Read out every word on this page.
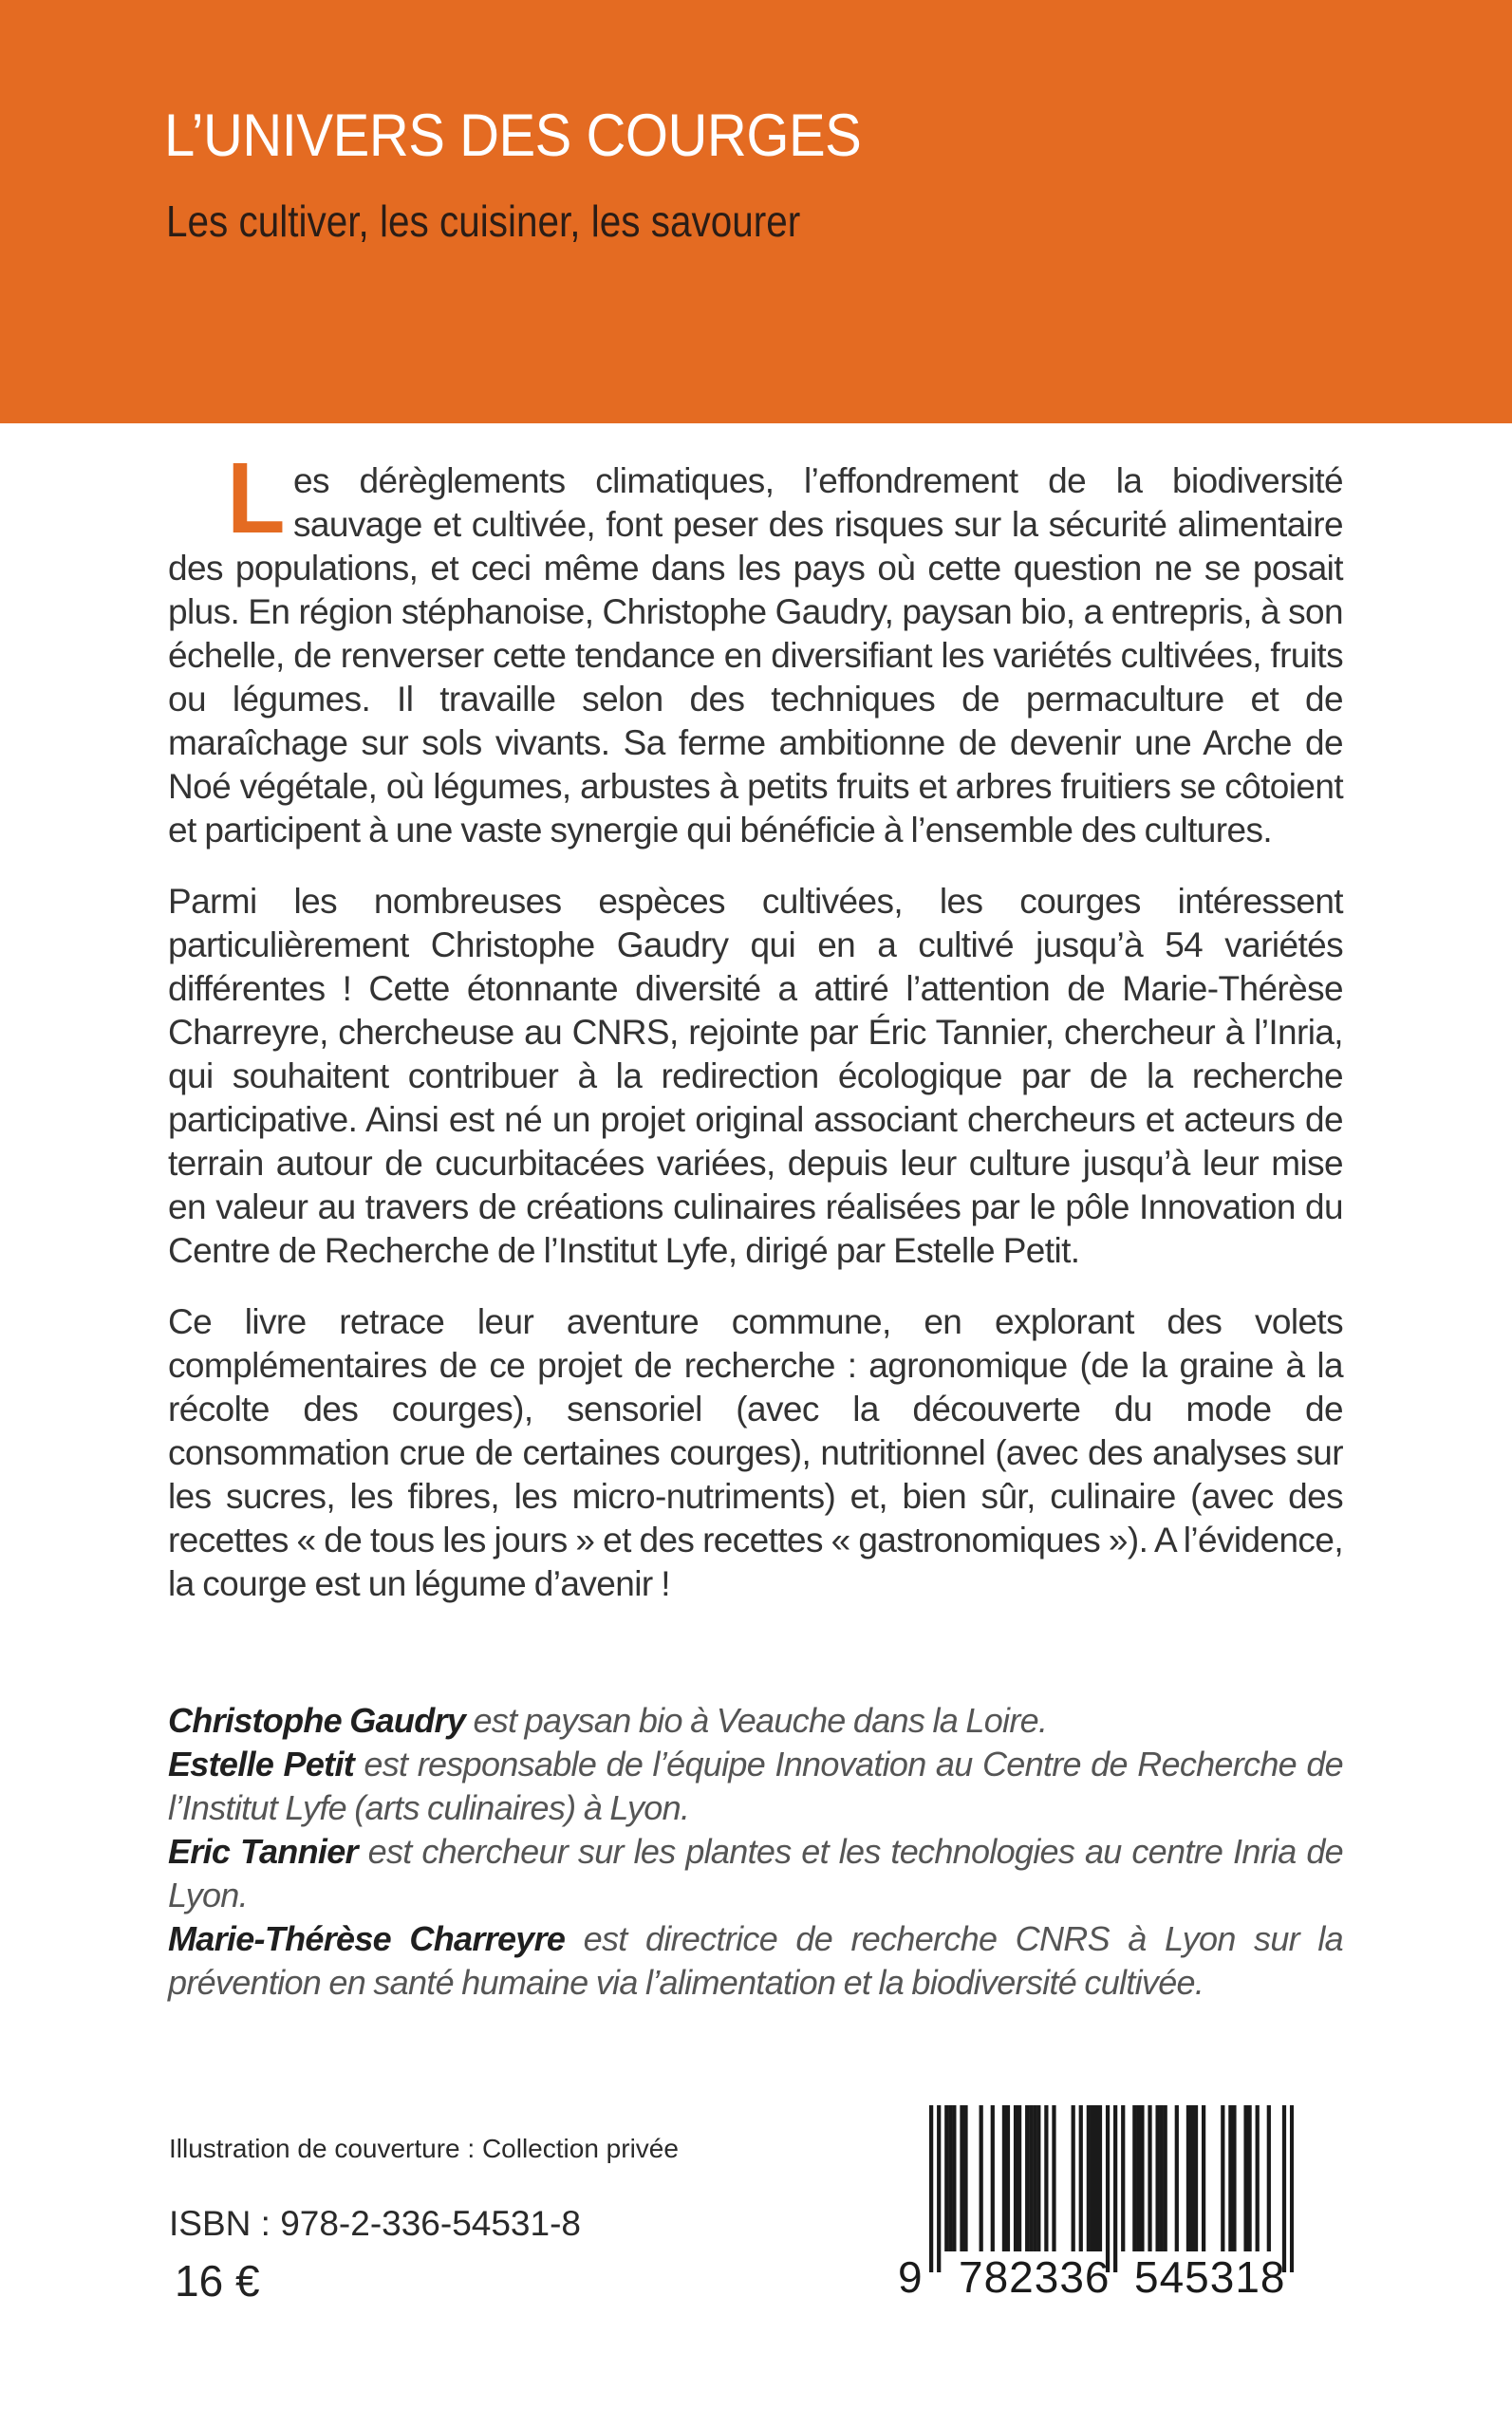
L’UNIVERS DES COURGES
Les cultiver, les cuisiner, les savourer

L es dérèglements climatiques, l’effondrement de la biodiversité sauvage et cultivée, font peser des risques sur la sécurité alimentaire des populations, et ceci même dans les pays où cette question ne se posait plus. En région stéphanoise, Christophe Gaudry, paysan bio, a entrepris, à son échelle, de renverser cette tendance en diversifiant les variétés cultivées, fruits ou légumes. Il travaille selon des techniques de permaculture et de maraîchage sur sols vivants. Sa ferme ambitionne de devenir une Arche de Noé végétale, où légumes, arbustes à petits fruits et arbres fruitiers se côtoient et participent à une vaste synergie qui bénéficie à l’ensemble des cultures.

Parmi les nombreuses espèces cultivées, les courges intéressent particulièrement Christophe Gaudry qui en a cultivé jusqu’à 54 variétés différentes ! Cette étonnante diversité a attiré l’attention de Marie-Thérèse Charreyre, chercheuse au CNRS, rejointe par Éric Tannier, chercheur à l’Inria, qui souhaitent contribuer à la redirection écologique par de la recherche participative. Ainsi est né un projet original associant chercheurs et acteurs de terrain autour de cucurbitacées variées, depuis leur culture jusqu’à leur mise en valeur au travers de créations culinaires réalisées par le pôle Innovation du Centre de Recherche de l’Institut Lyfe, dirigé par Estelle Petit.

Ce livre retrace leur aventure commune, en explorant des volets complémentaires de ce projet de recherche : agronomique (de la graine à la récolte des courges), sensoriel (avec la découverte du mode de consommation crue de certaines courges), nutritionnel (avec des analyses sur les sucres, les fibres, les micro-nutriments) et, bien sûr, culinaire (avec des recettes « de tous les jours » et des recettes « gastronomiques »). A l’évidence, la courge est un légume d’avenir !

Christophe Gaudry est paysan bio à Veauche dans la Loire.

Estelle Petit est responsable de l’équipe Innovation au Centre de Recherche de l’Institut Lyfe (arts culinaires) à Lyon.

Eric Tannier est chercheur sur les plantes et les technologies au centre Inria de Lyon.

Marie-Thérèse Charreyre est directrice de recherche CNRS à Lyon sur la prévention en santé humaine via l’alimentation et la biodiversité cultivée.

Illustration de couverture : Collection privée
ISBN : 978-2-336-54531-8
16 €	9 782336 545318
